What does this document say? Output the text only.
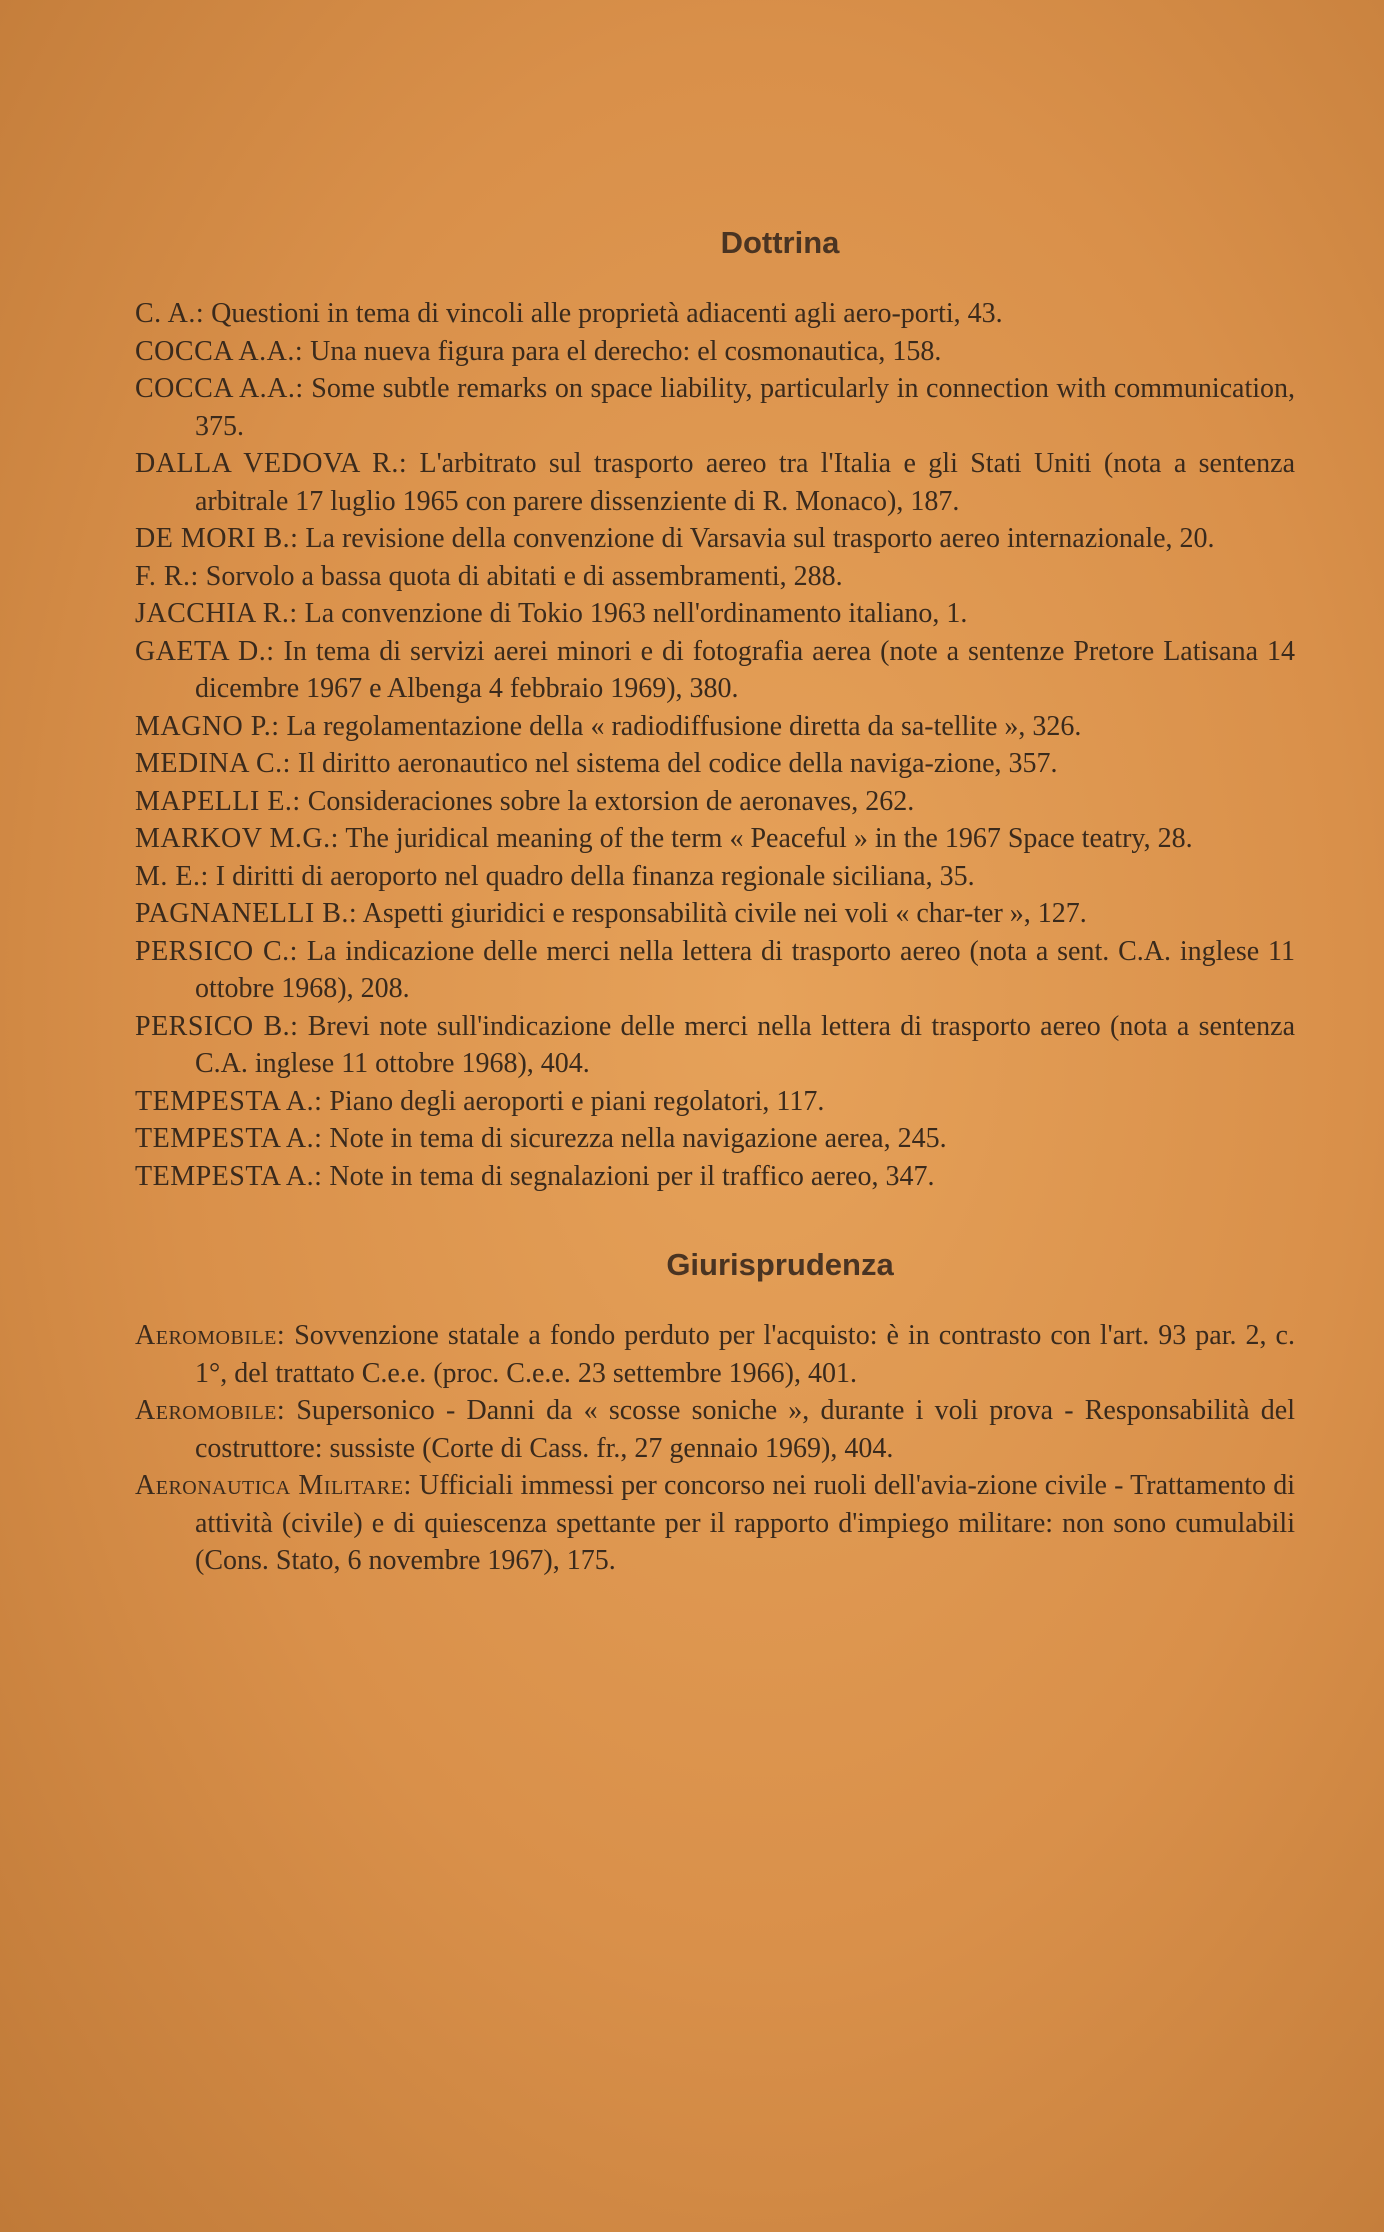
Dottrina

C. A.: Questioni in tema di vincoli alle proprietà adiacenti agli aero-porti, 43.

COCCA A.A.: Una nueva figura para el derecho: el cosmonautica, 158.

COCCA A.A.: Some subtle remarks on space liability, particularly in connection with communication, 375.

DALLA VEDOVA R.: L'arbitrato sul trasporto aereo tra l'Italia e gli Stati Uniti (nota a sentenza arbitrale 17 luglio 1965 con parere dissenziente di R. Monaco), 187.

DE MORI B.: La revisione della convenzione di Varsavia sul trasporto aereo internazionale, 20.

F. R.: Sorvolo a bassa quota di abitati e di assembramenti, 288.

JACCHIA R.: La convenzione di Tokio 1963 nell'ordinamento italiano, 1.

GAETA D.: In tema di servizi aerei minori e di fotografia aerea (note a sentenze Pretore Latisana 14 dicembre 1967 e Albenga 4 febbraio 1969), 380.

MAGNO P.: La regolamentazione della « radiodiffusione diretta da sa-tellite », 326.

MEDINA C.: Il diritto aeronautico nel sistema del codice della naviga-zione, 357.

MAPELLI E.: Consideraciones sobre la extorsion de aeronaves, 262.

MARKOV M.G.: The juridical meaning of the term « Peaceful » in the 1967 Space teatry, 28.

M. E.: I diritti di aeroporto nel quadro della finanza regionale siciliana, 35.

PAGNANELLI B.: Aspetti giuridici e responsabilità civile nei voli « char-ter », 127.

PERSICO C.: La indicazione delle merci nella lettera di trasporto aereo (nota a sent. C.A. inglese 11 ottobre 1968), 208.

PERSICO B.: Brevi note sull'indicazione delle merci nella lettera di trasporto aereo (nota a sentenza C.A. inglese 11 ottobre 1968), 404.

TEMPESTA A.: Piano degli aeroporti e piani regolatori, 117.

TEMPESTA A.: Note in tema di sicurezza nella navigazione aerea, 245.

TEMPESTA A.: Note in tema di segnalazioni per il traffico aereo, 347.

Giurisprudenza

Aeromobile: Sovvenzione statale a fondo perduto per l'acquisto: è in contrasto con l'art. 93 par. 2, c. 1°, del trattato C.e.e. (proc. C.e.e. 23 settembre 1966), 401.

Aeromobile: Supersonico - Danni da « scosse soniche », durante i voli prova - Responsabilità del costruttore: sussiste (Corte di Cass. fr., 27 gennaio 1969), 404.

Aeronautica Militare: Ufficiali immessi per concorso nei ruoli dell'avia-zione civile - Trattamento di attività (civile) e di quiescenza spettante per il rapporto d'impiego militare: non sono cumulabili (Cons. Stato, 6 novembre 1967), 175.
